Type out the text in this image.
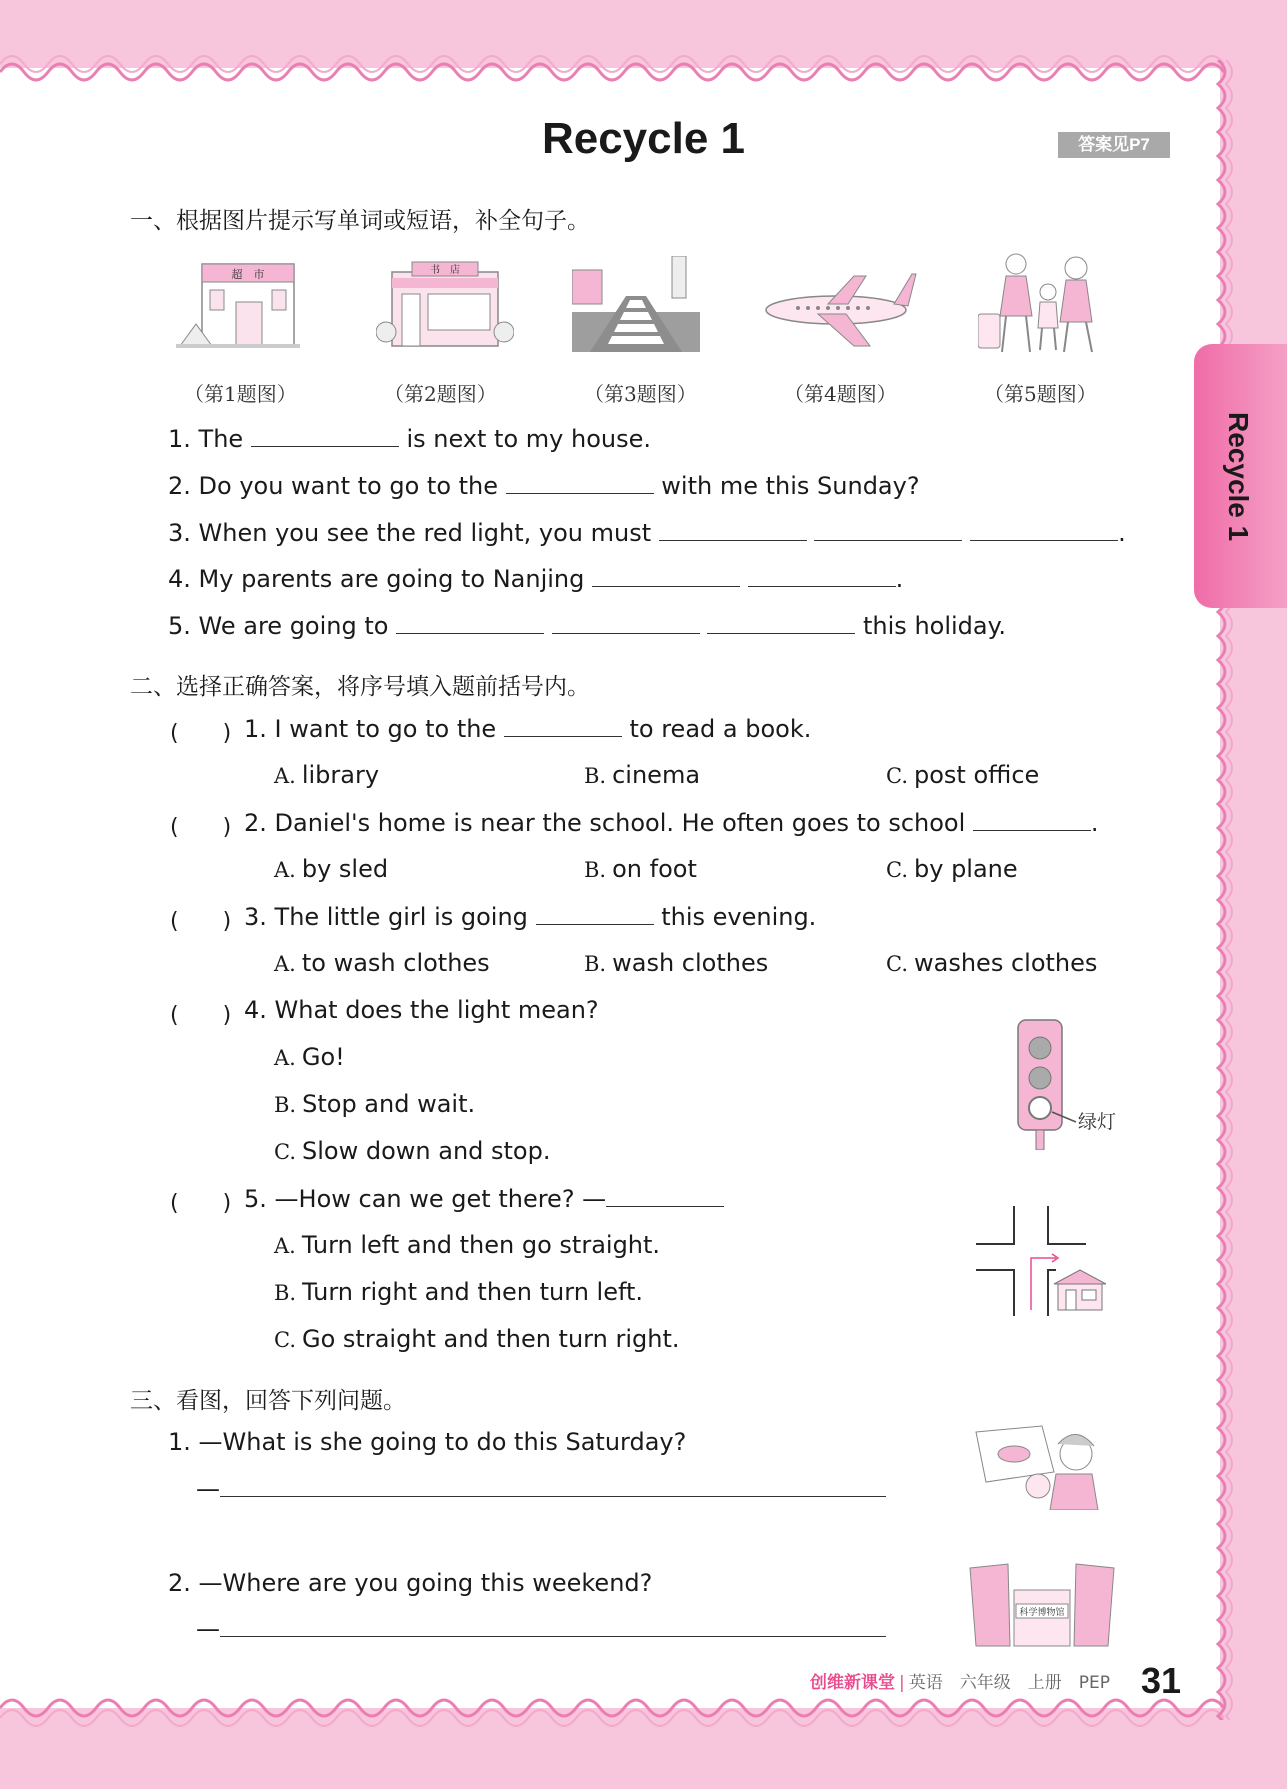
Recycle 1	答案见P7
Recycle 1
一、根据图片提示写单词或短语，补全句子。
超　市	书　店
（第1题图）	（第2题图）	（第3题图）	（第4题图）	（第5题图）
1. The	is next to my house.
2. Do you want to go to the	with me this Sunday?
3. When you see the red light, you must	.
4. My parents are going to Nanjing	.
5. We are going to	this holiday.
二、选择正确答案，将序号填入题前括号内。
(　　) 1. I want to go to the	to read a book.
A. library	B. cinema	C. post office
(　　) 2. Daniel's home is near the school. He often goes to school	.
A. by sled	B. on foot	C. by plane
(　　) 3. The little girl is going	this evening.
A. to wash clothes	B. wash clothes	C. washes clothes
(　　) 4. What does the light mean?
A. Go!
B. Stop and wait.
C. Slow down and stop.
绿灯
(　　) 5. —How can we get there? —
A. Turn left and then go straight.
B. Turn right and then turn left.
C. Go straight and then turn right.
三、看图，回答下列问题。
1. —What is she going to do this Saturday?
—
2. —Where are you going this weekend?
—
科学博物馆
创维新课堂 | 英语　六年级　上册　PEP 31
